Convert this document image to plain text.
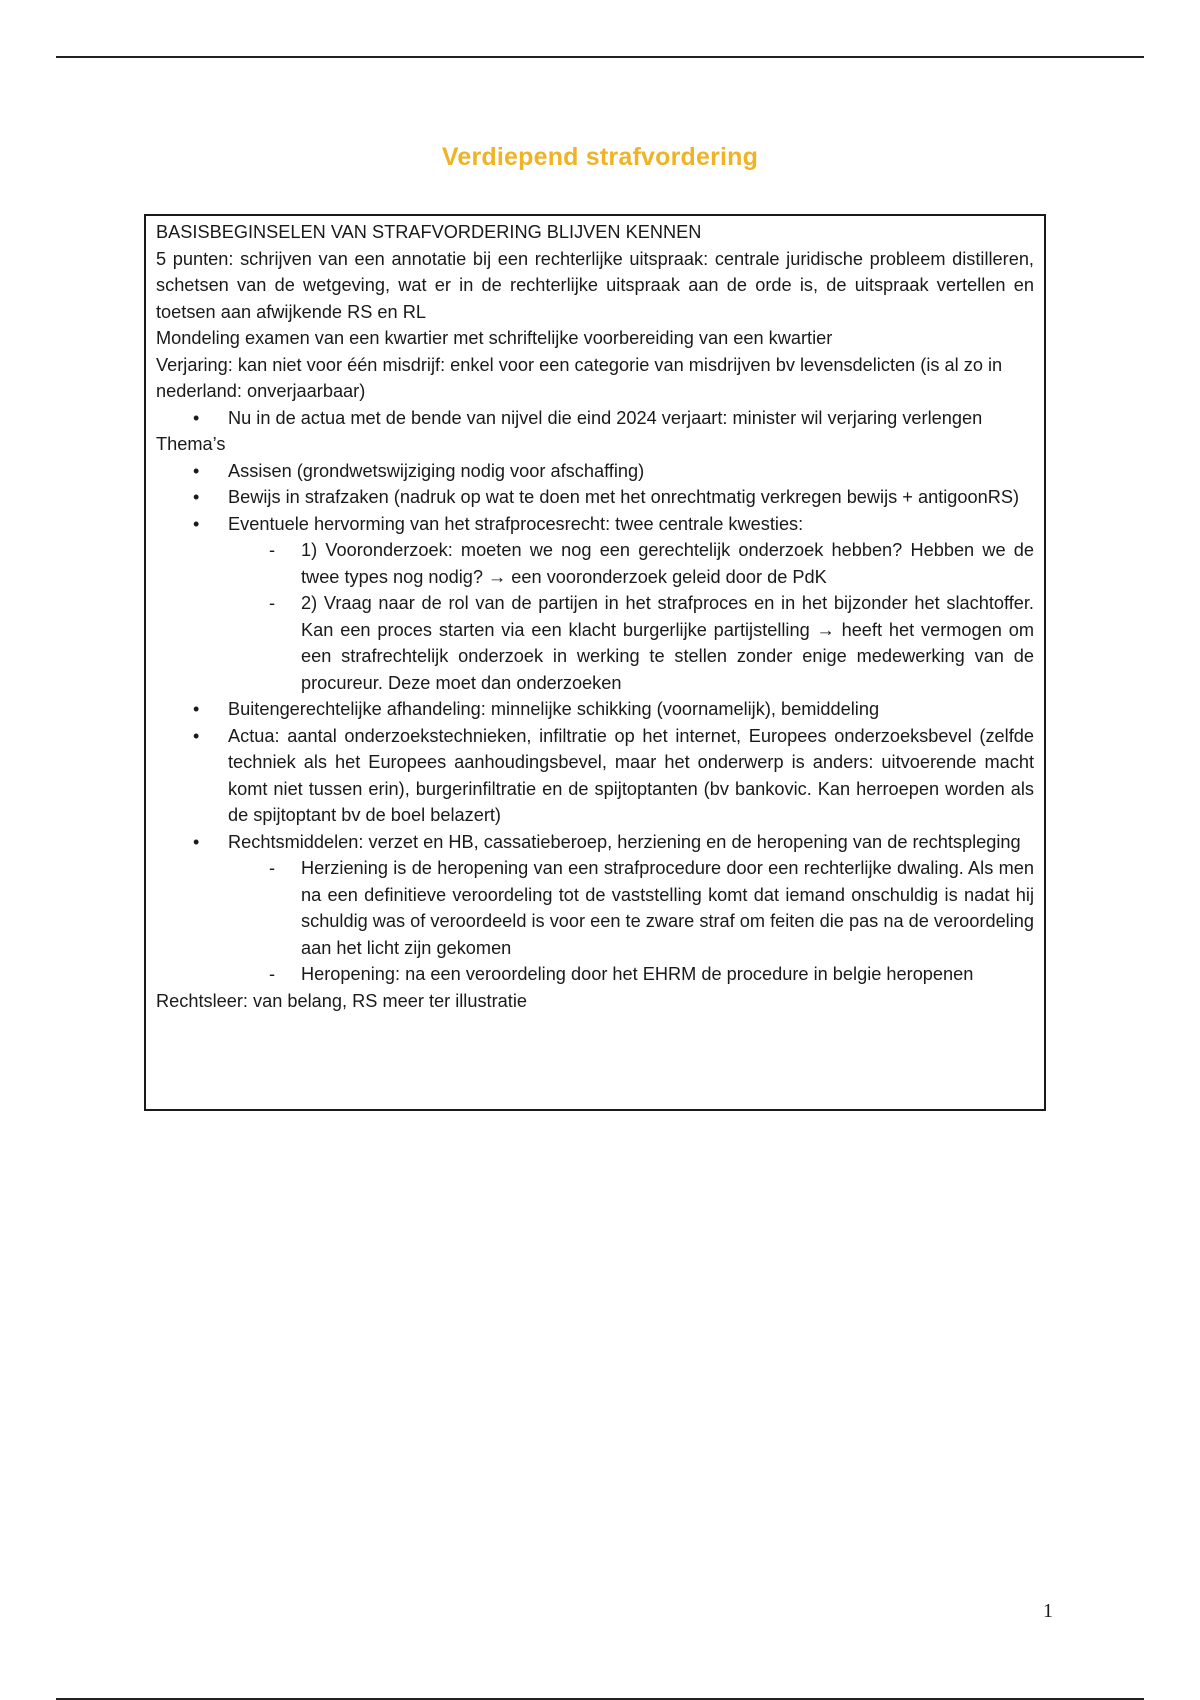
Verdiepend strafvordering

BASISBEGINSELEN VAN STRAFVORDERING BLIJVEN KENNEN

5 punten: schrijven van een annotatie bij een rechterlijke uitspraak: centrale juridische probleem distilleren, schetsen van de wetgeving, wat er in de rechterlijke uitspraak aan de orde is, de uitspraak vertellen en toetsen aan afwijkende RS en RL

Mondeling examen van een kwartier met schriftelijke voorbereiding van een kwartier

Verjaring: kan niet voor één misdrijf: enkel voor een categorie van misdrijven bv levensdelicten (is al zo in nederland: onverjaarbaar)

• Nu in de actua met de bende van nijvel die eind 2024 verjaart: minister wil verjaring verlengen

Thema’s

• Assisen (grondwetswijziging nodig voor afschaffing)
• Bewijs in strafzaken (nadruk op wat te doen met het onrechtmatig verkregen bewijs + antigoonRS)
• Eventuele hervorming van het strafprocesrecht: twee centrale kwesties:
- 1) Vooronderzoek: moeten we nog een gerechtelijk onderzoek hebben? Hebben we de twee types nog nodig? → een vooronderzoek geleid door de PdK
- 2) Vraag naar de rol van de partijen in het strafproces en in het bijzonder het slachtoffer. Kan een proces starten via een klacht burgerlijke partijstelling → heeft het vermogen om een strafrechtelijk onderzoek in werking te stellen zonder enige medewerking van de procureur. Deze moet dan onderzoeken
• Buitengerechtelijke afhandeling: minnelijke schikking (voornamelijk), bemiddeling
• Actua: aantal onderzoekstechnieken, infiltratie op het internet, Europees onderzoeksbevel (zelfde techniek als het Europees aanhoudingsbevel, maar het onderwerp is anders: uitvoerende macht komt niet tussen erin), burgerinfiltratie en de spijtoptanten (bv bankovic. Kan herroepen worden als de spijtoptant bv de boel belazert)
• Rechtsmiddelen: verzet en HB, cassatieberoep, herziening en de heropening van de rechtspleging
- Herziening is de heropening van een strafprocedure door een rechterlijke dwaling. Als men na een definitieve veroordeling tot de vaststelling komt dat iemand onschuldig is nadat hij schuldig was of veroordeeld is voor een te zware straf om feiten die pas na de veroordeling aan het licht zijn gekomen
- Heropening: na een veroordeling door het EHRM de procedure in belgie heropenen

Rechtsleer: van belang, RS meer ter illustratie

1
